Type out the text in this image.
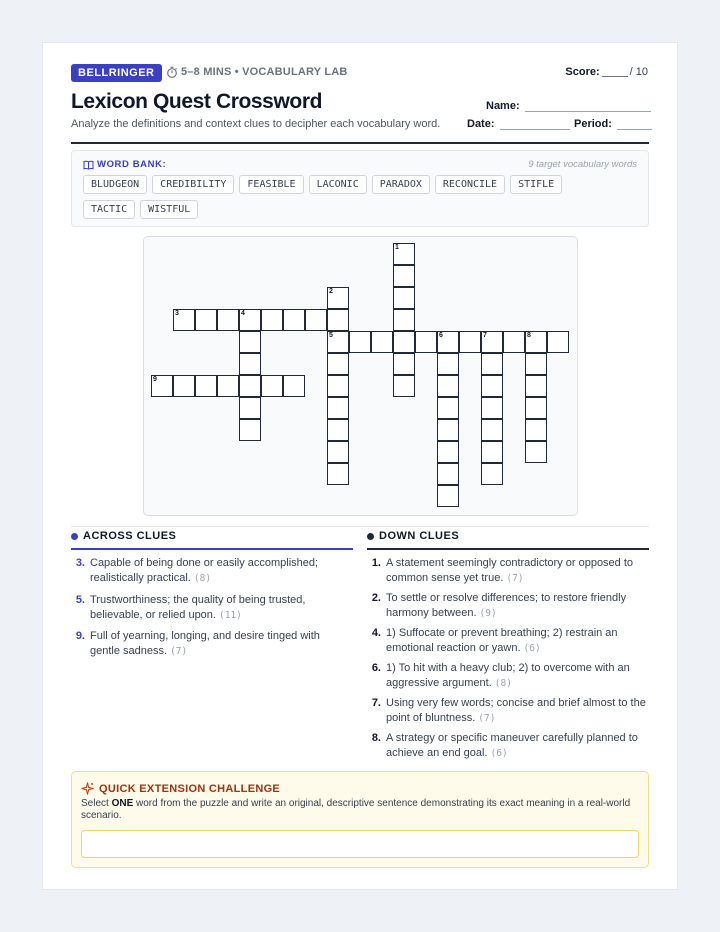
BELLRINGER	5–8 MINS • VOCABULARY LAB	Score:	/ 10
Lexicon Quest Crossword
Analyze the definitions and context clues to decipher each vocabulary word.
Name:
Date:	Period:
WORD BANK:	9 target vocabulary words
BLUDGEON	CREDIBILITY	FEASIBLE	LACONIC	PARADOX	RECONCILE	STIFLE
TACTIC	WISTFUL
1
2
5
3	4
6	7	8
9
ACROSS CLUES	DOWN CLUES
3. Capable of being done or easily accomplished; realistically practical. (8)
5. Trustworthiness; the quality of being trusted, believable, or relied upon. (11)
9. Full of yearning, longing, and desire tinged with gentle sadness. (7)
1. A statement seemingly contradictory or opposed to common sense yet true. (7)
2. To settle or resolve differences; to restore friendly harmony between. (9)
4. 1) Suffocate or prevent breathing; 2) restrain an emotional reaction or yawn. (6)
6. 1) To hit with a heavy club; 2) to overcome with an aggressive argument. (8)
7. Using very few words; concise and brief almost to the point of bluntness. (7)
8. A strategy or specific maneuver carefully planned to achieve an end goal. (6)
QUICK EXTENSION CHALLENGE
Select ONE word from the puzzle and write an original, descriptive sentence demonstrating its exact meaning in a real-world scenario.
